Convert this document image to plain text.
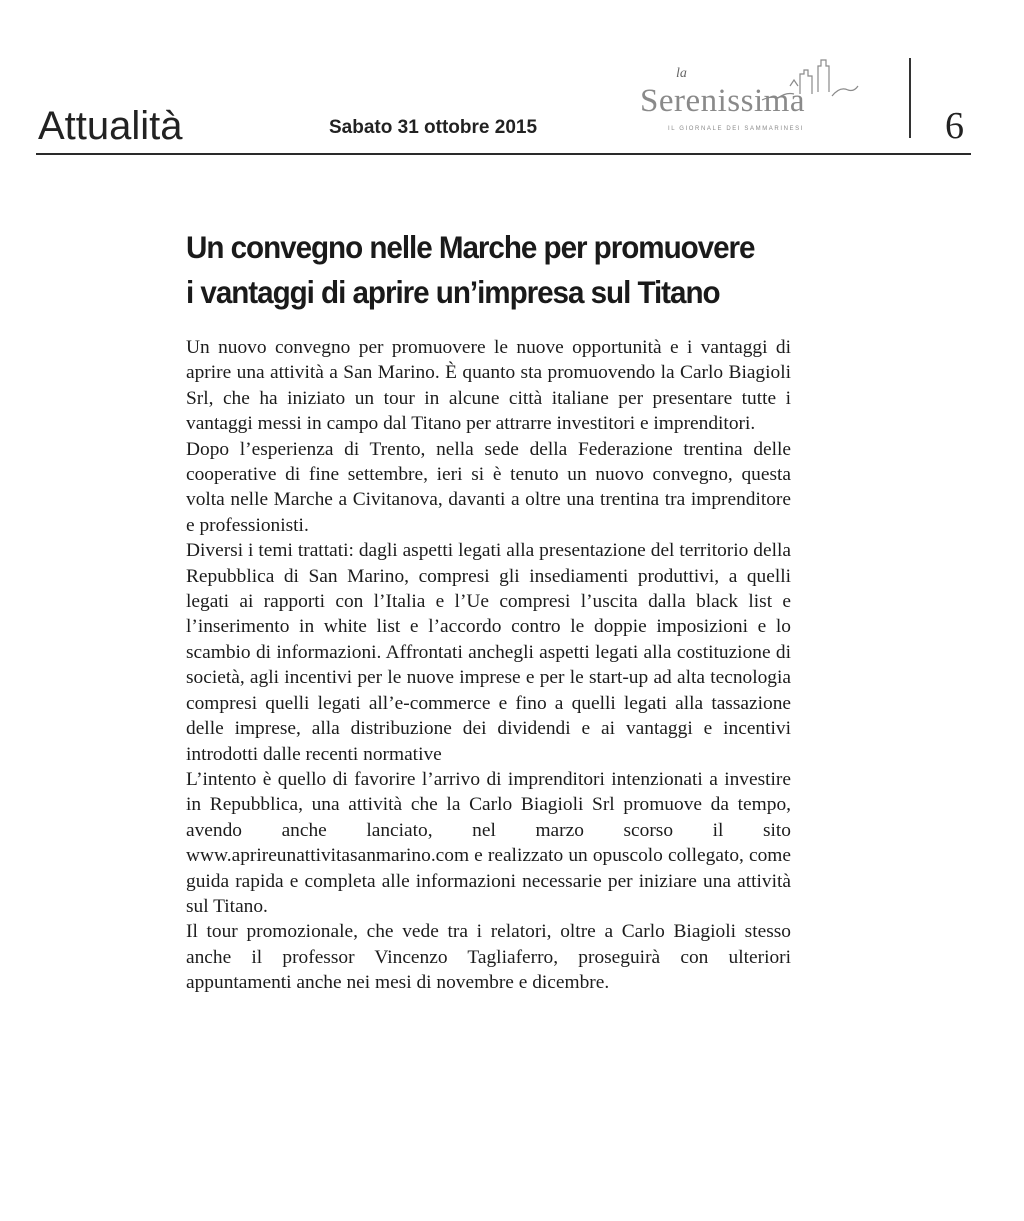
Attualità	Sabato 31 ottobre 2015
la
Serenissima
IL GIORNALE DEI SAMMARINESI	6
Un convegno nelle Marche per promuovere
i vantaggi di aprire un’impresa sul Titano

Un nuovo convegno per promuovere le nuove opportunità e i vantaggi di aprire una attività a San Marino. È quanto sta promuovendo la Carlo Biagioli Srl, che ha iniziato un tour in alcune città italiane per presentare tutte i vantaggi messi in campo dal Titano per attrarre investitori e imprenditori.

Dopo l’esperienza di Trento, nella sede della Federazione trentina delle cooperative di fine settembre, ieri si è tenuto un nuovo convegno, questa volta nelle Marche a Civitanova, davanti a oltre una trentina tra imprenditore e professionisti.

Diversi i temi trattati: dagli aspetti legati alla presentazione del territorio della Repubblica di San Marino, compresi gli insediamenti produttivi, a quelli legati ai rapporti con l’Italia e l’Ue compresi l’uscita dalla black list e l’inserimento in white list e l’accordo contro le doppie imposizioni e lo scambio di informazioni. Affrontati anchegli aspetti legati alla costituzione di società, agli incentivi per le nuove imprese e per le start-up ad alta tecnologia compresi quelli legati all’e-commerce e fino a quelli legati alla tassazione delle imprese, alla distribuzione dei dividendi e ai vantaggi e incentivi introdotti dalle recenti normative

L’intento è quello di favorire l’arrivo di imprenditori intenzionati a investire in Repubblica, una attività che la Carlo Biagioli Srl promuove da tempo, avendo anche lanciato, nel marzo scorso il sito www.aprireunattivitasanmarino.com e realizzato un opuscolo collegato, come guida rapida e completa alle informazioni necessarie per iniziare una attività sul Titano.

Il tour promozionale, che vede tra i relatori, oltre a Carlo Biagioli stesso anche il professor Vincenzo Tagliaferro, proseguirà con ulteriori appuntamenti anche nei mesi di novembre e dicembre.
